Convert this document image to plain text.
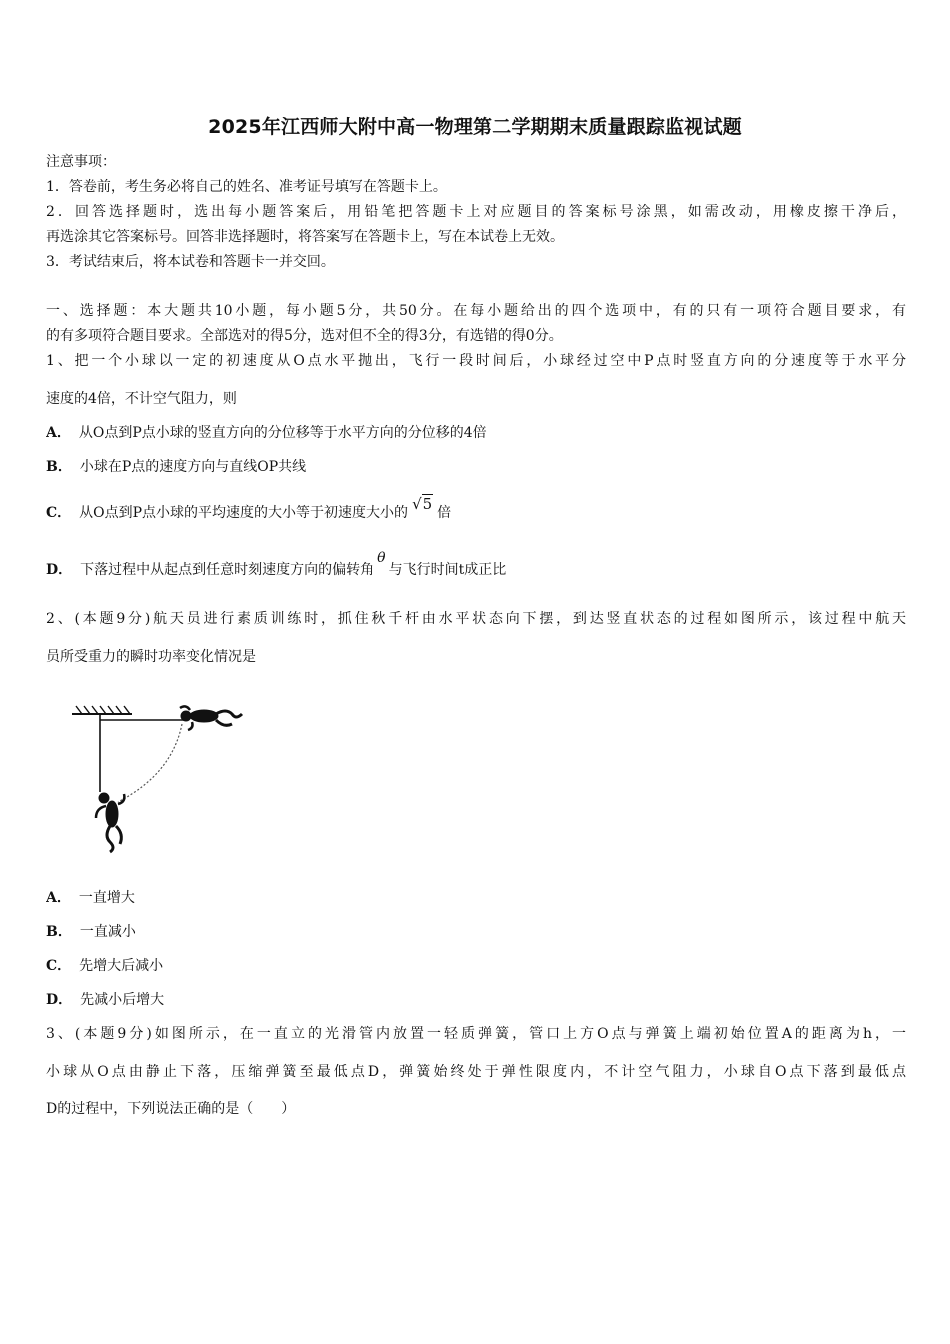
2025年江西师大附中高一物理第二学期期末质量跟踪监视试题
注意事项：
1．答卷前，考生务必将自己的姓名、准考证号填写在答题卡上。
2．回答选择题时，选出每小题答案后，用铅笔把答题卡上对应题目的答案标号涂黑，如需改动，用橡皮擦干净后，
再选涂其它答案标号。回答非选择题时，将答案写在答题卡上，写在本试卷上无效。
3．考试结束后，将本试卷和答题卡一并交回。
一、选择题：本大题共10小题，每小题5分，共50分。在每小题给出的四个选项中，有的只有一项符合题目要求，有
的有多项符合题目要求。全部选对的得5分，选对但不全的得3分，有选错的得0分。
1、把一个小球以一定的初速度从O点水平抛出，飞行一段时间后，小球经过空中P点时竖直方向的分速度等于水平分
速度的4倍，不计空气阻力，则
A． 从O点到P点小球的竖直方向的分位移等于水平方向的分位移的4倍
B． 小球在P点的速度方向与直线OP共线
C． 从O点到P点小球的平均速度的大小等于初速度大小的 √5 倍
D． 下落过程中从起点到任意时刻速度方向的偏转角θ与飞行时间t成正比
2、(本题9分)航天员进行素质训练时，抓住秋千杆由水平状态向下摆，到达竖直状态的过程如图所示，该过程中航天
员所受重力的瞬时功率变化情况是
A． 一直增大
B． 一直减小
C． 先增大后减小
D． 先减小后增大
3、(本题9分)如图所示，在一直立的光滑管内放置一轻质弹簧，管口上方O点与弹簧上端初始位置A的距离为h，一
小球从O点由静止下落，压缩弹簧至最低点D，弹簧始终处于弹性限度内，不计空气阻力，小球自O点下落到最低点
D的过程中，下列说法正确的是（　　）
